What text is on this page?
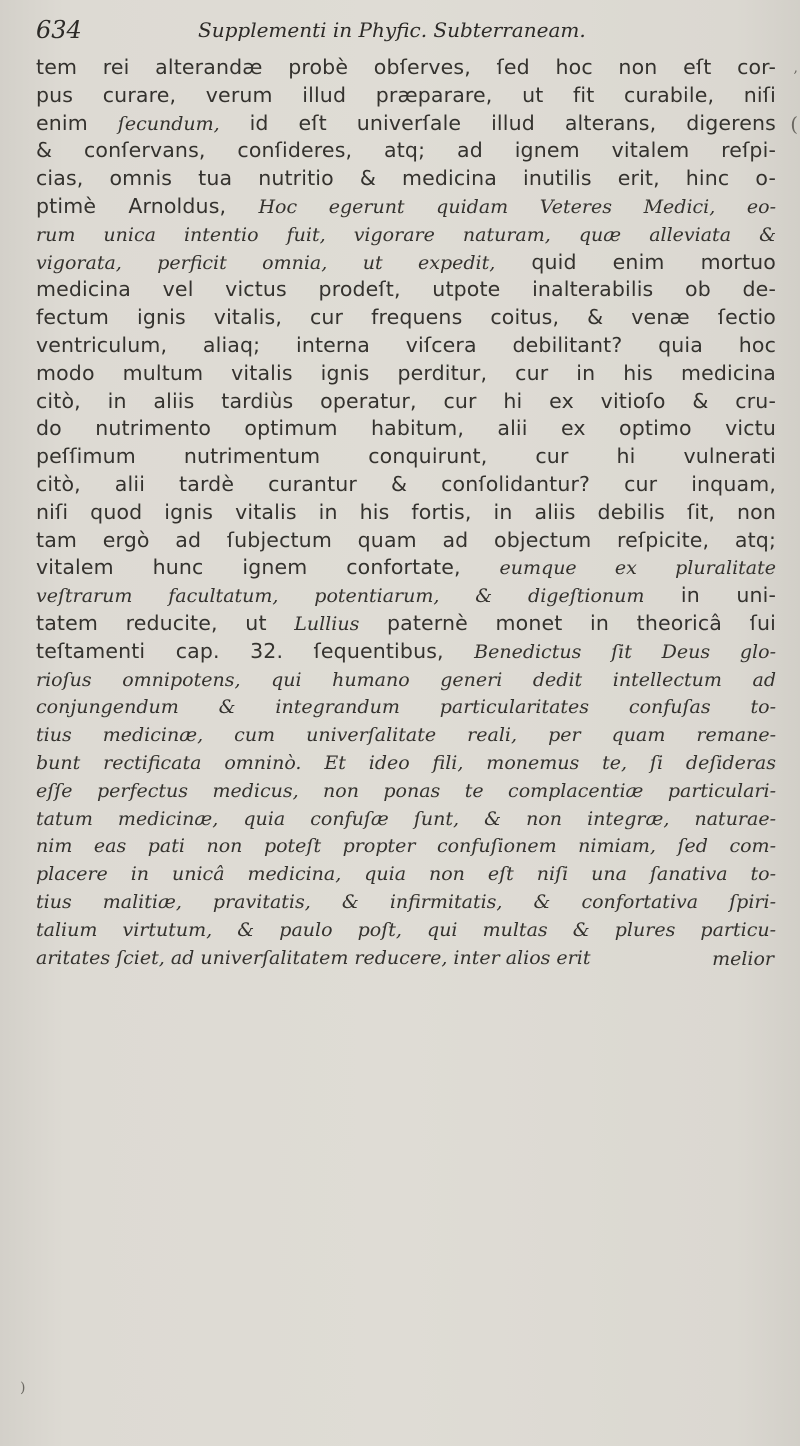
634	Supplementi in Phyfic. Subterraneam.
tem rei alterandæ probè obſerves, ſed hoc non eſt cor-
pus curare, verum illud præparare, ut fit curabile, niſi
enim ſecundum, id eſt univerſale illud alterans, digerens
& conſervans, conſideres, atq; ad ignem vitalem reſpi-
cias, omnis tua nutritio & medicina inutilis erit, hinc o-
ptimè Arnoldus, Hoc egerunt quidam Veteres Medici, eo-
rum unica intentio fuit, vigorare naturam, quæ alleviata &
vigorata, perficit omnia, ut expedit, quid enim mortuo
medicina vel victus prodeſt, utpote inalterabilis ob de-
fectum ignis vitalis, cur frequens coitus, & venæ ſectio
ventriculum, aliaq; interna viſcera debilitant? quia hoc
modo multum vitalis ignis perditur, cur in his medicina
citò, in aliis tardiùs operatur, cur hi ex vitioſo & cru-
do nutrimento optimum habitum, alii ex optimo victu
peſſimum nutrimentum conquirunt, cur hi vulnerati
citò, alii tardè curantur & conſolidantur? cur inquam,
niſi quod ignis vitalis in his fortis, in aliis debilis ſit, non
tam ergò ad ſubjectum quam ad objectum reſpicite, atq;
vitalem hunc ignem confortate, eumque ex pluralitate
veſtrarum facultatum, potentiarum, & digeſtionum in uni-
tatem reducite, ut Lullius paternè monet in theoricâ ſui
teſtamenti cap. 32. ſequentibus, Benedictus ſit Deus glo-
rioſus omnipotens, qui humano generi dedit intellectum ad
conjungendum & integrandum particularitates confuſas to-
tius medicinæ, cum univerſalitate reali, per quam remane-
bunt rectificata omninò. Et ideo fili, monemus te, ſi deſideras
eſſe perfectus medicus, non ponas te complacentiæ particulari-
tatum medicinæ, quia confuſæ ſunt, & non integræ, naturae-
nim eas pati non poteſt propter confuſionem nimiam, ſed com-
placere in unicâ medicina, quia non eſt niſi una ſanativa to-
tius malitiæ, pravitatis, & infirmitatis, & confortativa ſpiri-
talium virtutum, & paulo poſt, qui multas & plures particu-
aritates ſciet, ad univerſalitatem reducere, inter alios erit	melior
,
(
)
